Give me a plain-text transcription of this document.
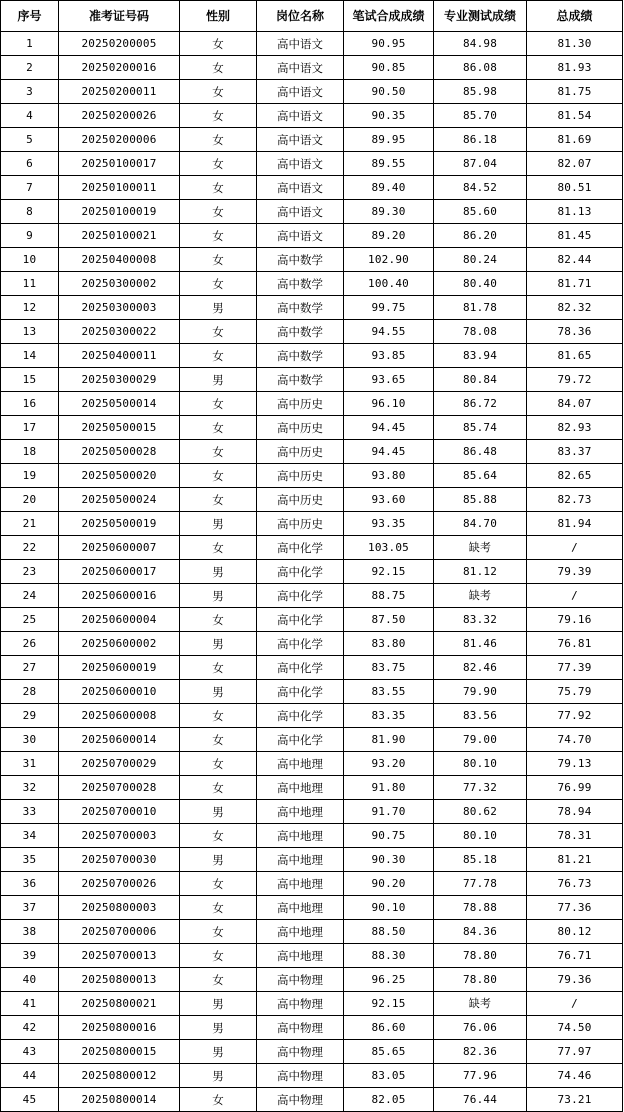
序号	准考证号码	性别	岗位名称	笔试合成成绩	专业测试成绩	总成绩
1	20250200005	女	高中语文	90.95	84.98	81.30
2	20250200016	女	高中语文	90.85	86.08	81.93
3	20250200011	女	高中语文	90.50	85.98	81.75
4	20250200026	女	高中语文	90.35	85.70	81.54
5	20250200006	女	高中语文	89.95	86.18	81.69
6	20250100017	女	高中语文	89.55	87.04	82.07
7	20250100011	女	高中语文	89.40	84.52	80.51
8	20250100019	女	高中语文	89.30	85.60	81.13
9	20250100021	女	高中语文	89.20	86.20	81.45
10	20250400008	女	高中数学	102.90	80.24	82.44
11	20250300002	女	高中数学	100.40	80.40	81.71
12	20250300003	男	高中数学	99.75	81.78	82.32
13	20250300022	女	高中数学	94.55	78.08	78.36
14	20250400011	女	高中数学	93.85	83.94	81.65
15	20250300029	男	高中数学	93.65	80.84	79.72
16	20250500014	女	高中历史	96.10	86.72	84.07
17	20250500015	女	高中历史	94.45	85.74	82.93
18	20250500028	女	高中历史	94.45	86.48	83.37
19	20250500020	女	高中历史	93.80	85.64	82.65
20	20250500024	女	高中历史	93.60	85.88	82.73
21	20250500019	男	高中历史	93.35	84.70	81.94
22	20250600007	女	高中化学	103.05	缺考	/
23	20250600017	男	高中化学	92.15	81.12	79.39
24	20250600016	男	高中化学	88.75	缺考	/
25	20250600004	女	高中化学	87.50	83.32	79.16
26	20250600002	男	高中化学	83.80	81.46	76.81
27	20250600019	女	高中化学	83.75	82.46	77.39
28	20250600010	男	高中化学	83.55	79.90	75.79
29	20250600008	女	高中化学	83.35	83.56	77.92
30	20250600014	女	高中化学	81.90	79.00	74.70
31	20250700029	女	高中地理	93.20	80.10	79.13
32	20250700028	女	高中地理	91.80	77.32	76.99
33	20250700010	男	高中地理	91.70	80.62	78.94
34	20250700003	女	高中地理	90.75	80.10	78.31
35	20250700030	男	高中地理	90.30	85.18	81.21
36	20250700026	女	高中地理	90.20	77.78	76.73
37	20250800003	女	高中地理	90.10	78.88	77.36
38	20250700006	女	高中地理	88.50	84.36	80.12
39	20250700013	女	高中地理	88.30	78.80	76.71
40	20250800013	女	高中物理	96.25	78.80	79.36
41	20250800021	男	高中物理	92.15	缺考	/
42	20250800016	男	高中物理	86.60	76.06	74.50
43	20250800015	男	高中物理	85.65	82.36	77.97
44	20250800012	男	高中物理	83.05	77.96	74.46
45	20250800014	女	高中物理	82.05	76.44	73.21
